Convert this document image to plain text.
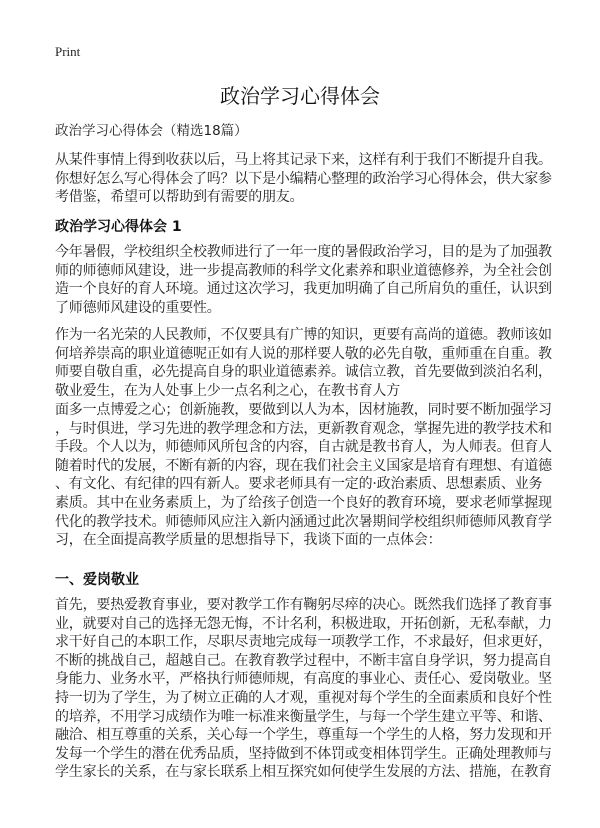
Print
政治学习心得体会
政治学习心得体会（精选18篇）
从某件事情上得到收获以后，马上将其记录下来，这样有利于我们不断提升自我。
你想好怎么写心得体会了吗？以下是小编精心整理的政治学习心得体会，供大家参
考借鉴，希望可以帮助到有需要的朋友。
政治学习心得体会 1
今年暑假，学校组织全校教师进行了一年一度的暑假政治学习，目的是为了加强教
师的师德师风建设，进一步提高教师的科学文化素养和职业道德修养，为全社会创
造一个良好的育人环境。通过这次学习，我更加明确了自己所肩负的重任，认识到
了师德师风建设的重要性。
作为一名光荣的人民教师，不仅要具有广博的知识，更要有高尚的道德。教师该如
何培养崇高的职业道德呢正如有人说的那样要人敬的必先自敬，重师重在自重。教
师要自敬自重，必先提高自身的职业道德素养。诚信立教，首先要做到淡泊名利，
敬业爱生，在为人处事上少一点名利之心，在教书育人方
面多一点博爱之心；创新施教，要做到以人为本，因材施教，同时要不断加强学习
，与时俱进，学习先进的教学理念和方法，更新教育观念，掌握先进的教学技术和
手段。个人以为，师德师风所包含的内容，自古就是教书育人，为人师表。但育人
随着时代的发展，不断有新的内容，现在我们社会主义国家是培育有理想、有道德
、有文化、有纪律的四有新人。要求老师具有一定的·政治素质、思想素质、业务
素质。其中在业务素质上，为了给孩子创造一个良好的教育环境，要求老师掌握现
代化的教学技术。师德师风应注入新内涵通过此次暑期间学校组织师德师风教育学
习，在全面提高教学质量的思想指导下，我谈下面的一点体会：
一、爱岗敬业
首先，要热爱教育事业，要对教学工作有鞠躬尽瘁的决心。既然我们选择了教育事
业，就要对自己的选择无怨无悔，不计名利，积极进取，开拓创新，无私奉献，力
求干好自己的本职工作，尽职尽责地完成每一项教学工作，不求最好，但求更好，
不断的挑战自己，超越自己。在教育教学过程中，不断丰富自身学识，努力提高自
身能力、业务水平，严格执行师德师规，有高度的事业心、责任心、爱岗敬业。坚
持一切为了学生，为了树立正确的人才观，重视对每个学生的全面素质和良好个性
的培养，不用学习成绩作为唯一标准来衡量学生，与每一个学生建立平等、和谐、
融洽、相互尊重的关系，关心每一个学生，尊重每一个学生的人格，努力发现和开
发每一个学生的潜在优秀品质，坚持做到不体罚或变相体罚学生。正确处理教师与
学生家长的关系，在与家长联系上相互探究如何使学生发展的方法、措施，在教育
